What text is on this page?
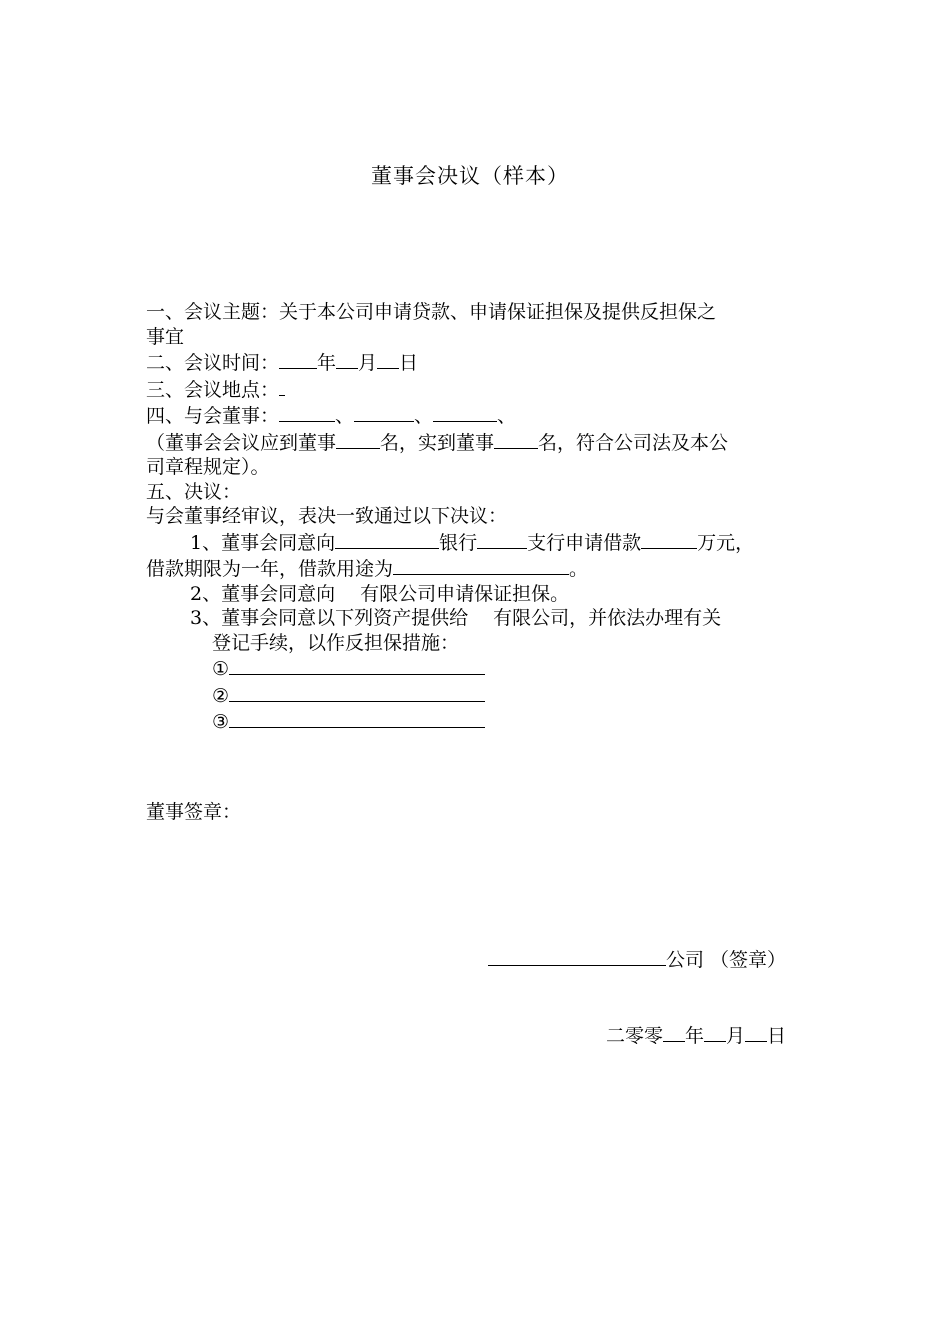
董事会决议（样本）
一、会议主题：关于本公司申请贷款、申请保证担保及提供反担保之
事宜
二、会议时间： 年 月 日
三、会议地点：
四、与会董事：	、	、	、
（董事会会议应到董事 名，实到董事 名，符合公司法及本公
司章程规定）。
五、决议：
与会董事经审议，表决一致通过以下决议：
1、董事会同意向	银行	支行申请借款	万元，
借款期限为一年，借款用途为	。
2、董事会同意向　 有限公司申请保证担保。
3、董事会同意以下列资产提供给　 有限公司，并依法办理有关
登记手续，以作反担保措施：
①
②
③
董事签章：
公司 （签章）
二零零 年 月 日
